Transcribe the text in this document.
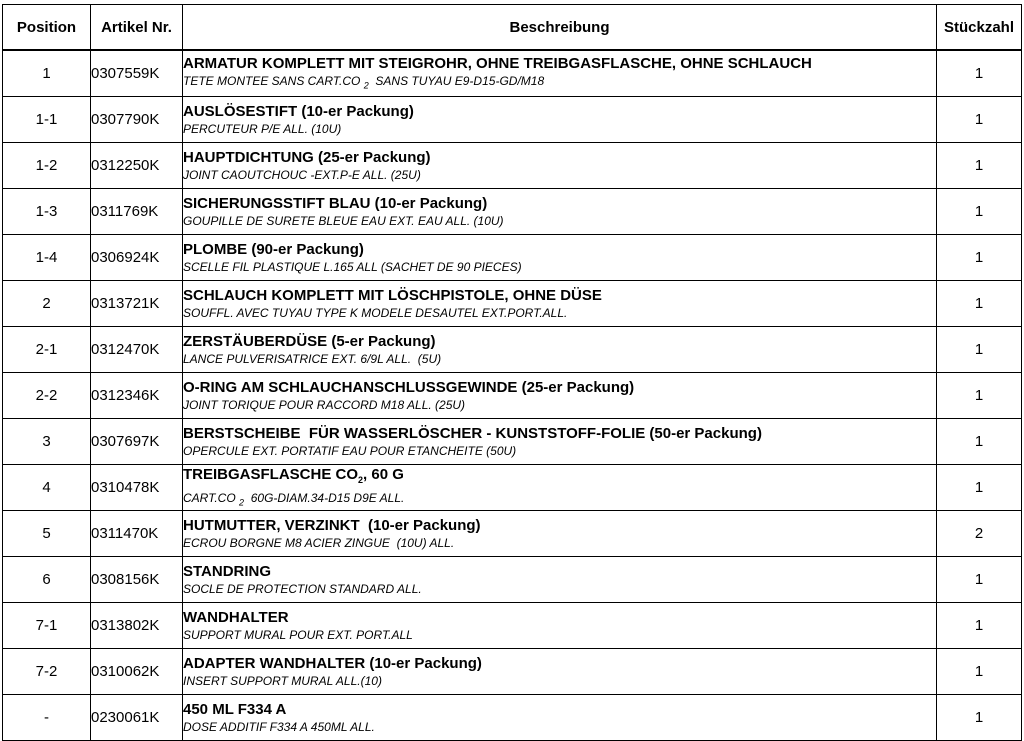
Position	Artikel Nr.	Beschreibung	Stückzahl
1	0307559K	ARMATUR KOMPLETT MIT STEIGROHR, OHNE TREIBGASFLASCHE, OHNE SCHLAUCH
TETE MONTEE SANS CART.CO $_2$  SANS TUYAU E9-D15-GD/M18	1
1-1	0307790K	AUSLÖSESTIFT (10-er Packung)
PERCUTEUR P/E ALL. (10U)	1
1-2	0312250K	HAUPTDICHTUNG (25-er Packung)
JOINT CAOUTCHOUC -EXT.P-E ALL. (25U)	1
1-3	0311769K	SICHERUNGSSTIFT BLAU (10-er Packung)
GOUPILLE DE SURETE BLEUE EAU EXT. EAU ALL. (10U)	1
1-4	0306924K	PLOMBE (90-er Packung)
SCELLE FIL PLASTIQUE L.165 ALL (SACHET DE 90 PIECES)	1
2	0313721K	SCHLAUCH KOMPLETT MIT LÖSCHPISTOLE, OHNE DÜSE
SOUFFL. AVEC TUYAU TYPE K MODELE DESAUTEL EXT.PORT.ALL.	1
2-1	0312470K	ZERSTÄUBERDÜSE (5-er Packung)
LANCE PULVERISATRICE EXT. 6/9L ALL.  (5U)	1
2-2	0312346K	O-RING AM SCHLAUCHANSCHLUSSGEWINDE (25-er Packung)
JOINT TORIQUE POUR RACCORD M18 ALL. (25U)	1
3	0307697K	BERSTSCHEIBE  FÜR WASSERLÖSCHER - KUNSTSTOFF-FOLIE (50-er Packung)
OPERCULE EXT. PORTATIF EAU POUR ETANCHEITE (50U)	1
4	0310478K	TREIBGASFLASCHE $CO_2$, 60 G
CART.CO $_2$  60G-DIAM.34-D15 D9E ALL.	1
5	0311470K	HUTMUTTER, VERZINKT  (10-er Packung)
ECROU BORGNE M8 ACIER ZINGUE  (10U) ALL.	2
6	0308156K	STANDRING
SOCLE DE PROTECTION STANDARD ALL.	1
7-1	0313802K	WANDHALTER
SUPPORT MURAL POUR EXT. PORT.ALL	1
7-2	0310062K	ADAPTER WANDHALTER (10-er Packung)
INSERT SUPPORT MURAL ALL.(10)	1
-	0230061K	450 ML F334 A
DOSE ADDITIF F334 A 450ML ALL.	1
